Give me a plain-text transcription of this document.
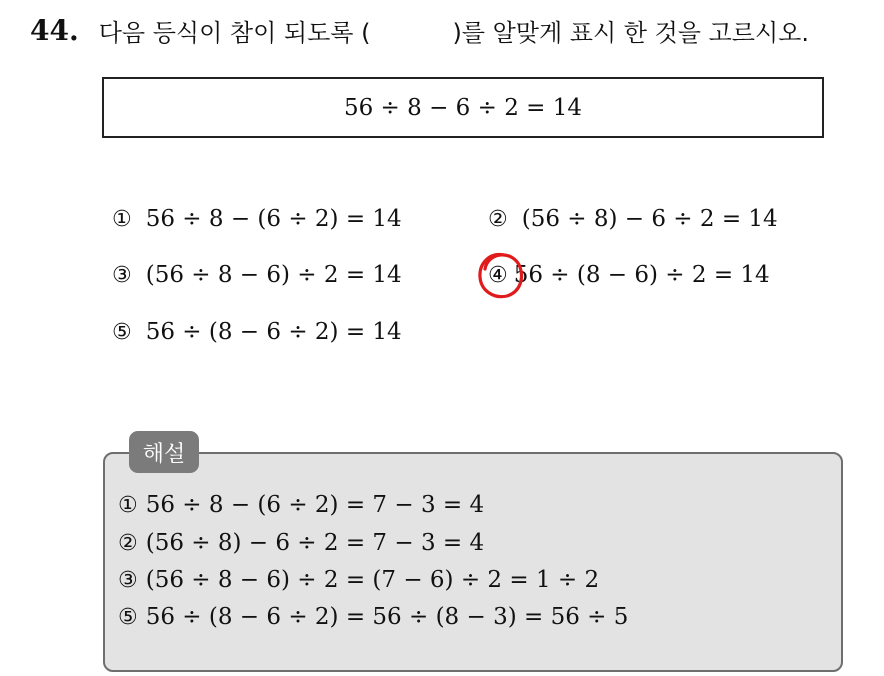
44. 다음 등식이 참이 되도록 (	)를 알맞게 표시 한 것을 고르시오.
56 ÷ 8 − 6 ÷ 2 = 14
① 56 ÷ 8 − (6 ÷ 2) = 14	② (56 ÷ 8) − 6 ÷ 2 = 14
③ (56 ÷ 8 − 6) ÷ 2 = 14	④ 56 ÷ (8 − 6) ÷ 2 = 14
⑤ 56 ÷ (8 − 6 ÷ 2) = 14
해설
① 56 ÷ 8 − (6 ÷ 2) = 7 − 3 = 4
② (56 ÷ 8) − 6 ÷ 2 = 7 − 3 = 4
③ (56 ÷ 8 − 6) ÷ 2 = (7 − 6) ÷ 2 = 1 ÷ 2
⑤ 56 ÷ (8 − 6 ÷ 2) = 56 ÷ (8 − 3) = 56 ÷ 5
